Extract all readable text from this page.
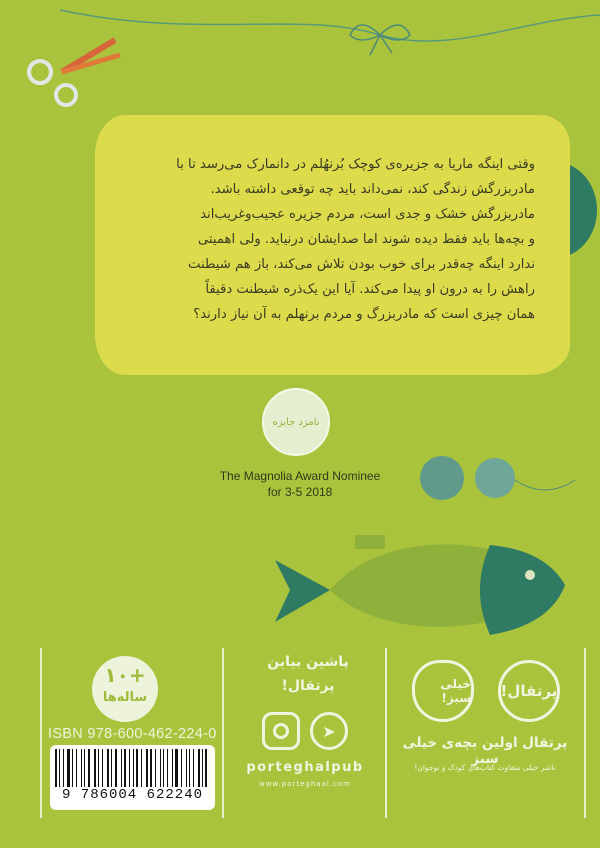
وقتی اینگه ماریا به جزیره‌ی کوچک بُرنهُلم در دانمارک می‌رسد تا با
مادربزرگش زندگی کند، نمی‌داند باید چه توقعی داشته باشد.
مادربزرگش خشک و جدی است، مردم جزیره عجیب‌وغریب‌اند
و بچه‌ها باید فقط دیده شوند اما صدایشان درنیاید. ولی اهمیتی
ندارد اینگه چه‌قدر برای خوب بودن تلاش می‌کند، باز هم شیطنت
راهش را به درون او پیدا می‌کند. آیا این یک‌ذره شیطنت دقیقاً
همان چیزی است که مادربزرگ و مردم برنهلم به آن نیاز دارند؟
نامزد جایزه
The Magnolia Award Nominee
for 3-5 2018
+۱۰
ساله‌ها
ISBN 978-600-462-224-0
9 786004 622240
پاشین بیاین
پرتقال!
➤
porteghalpub
www.porteghaal.com
پرتقال!
خیلی سبز!
پرتقال اولین بچه‌ی خیلی سبز
ناشر خیلی متفاوت کتاب‌های کودک و نوجوان!
